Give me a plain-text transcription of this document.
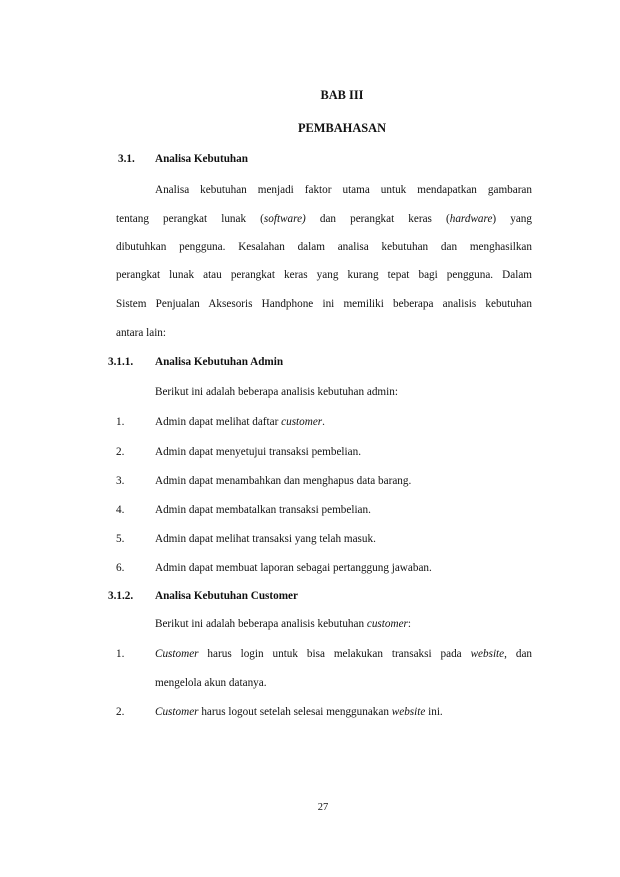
BAB III
PEMBAHASAN
3.1. Analisa Kebutuhan
Analisa kebutuhan menjadi faktor utama untuk mendapatkan gambaran
tentang perangkat lunak (software) dan perangkat keras (hardware) yang
dibutuhkan pengguna. Kesalahan dalam analisa kebutuhan dan menghasilkan
perangkat lunak atau perangkat keras yang kurang tepat bagi pengguna. Dalam
Sistem Penjualan Aksesoris Handphone ini memiliki beberapa analisis kebutuhan
antara lain:
3.1.1. Analisa Kebutuhan Admin
Berikut ini adalah beberapa analisis kebutuhan admin:
1.	Admin dapat melihat daftar customer.
2.	Admin dapat menyetujui transaksi pembelian.
3.	Admin dapat menambahkan dan menghapus data barang.
4.	Admin dapat membatalkan transaksi pembelian.
5.	Admin dapat melihat transaksi yang telah masuk.
6.	Admin dapat membuat laporan sebagai pertanggung jawaban.
3.1.2. Analisa Kebutuhan Customer
Berikut ini adalah beberapa analisis kebutuhan customer:
1.	Customer harus login untuk bisa melakukan transaksi pada website, dan
mengelola akun datanya.
2.	Customer harus logout setelah selesai menggunakan website ini.
27
